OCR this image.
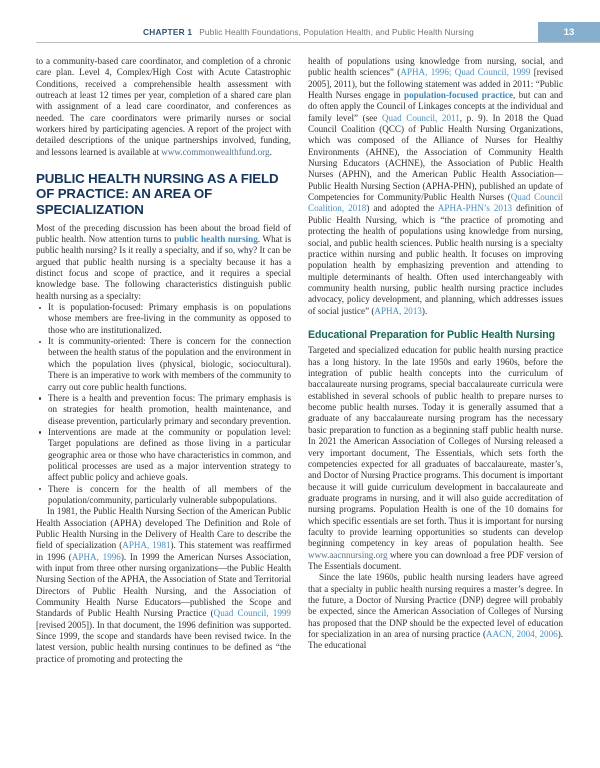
CHAPTER 1 Public Health Foundations, Population Health, and Public Health Nursing	13

to a community-based care coordinator, and completion of a chronic care plan. Level 4, Complex/High Cost with Acute Catastrophic Conditions, received a comprehensible health assessment with outreach at least 12 times per year, completion of a shared care plan with assignment of a lead care coordinator, and conferences as needed. The care coordinators were primarily nurses or social workers hired by participating agencies. A report of the project with detailed descriptions of the unique partnerships involved, funding, and lessons learned is available at www.commonwealthfund.org.

PUBLIC HEALTH NURSING AS A FIELD OF PRACTICE: AN AREA OF SPECIALIZATION

Most of the preceding discussion has been about the broad field of public health. Now attention turns to public health nursing. What is public health nursing? Is it really a specialty, and if so, why? It can be argued that public health nursing is a specialty because it has a distinct focus and scope of practice, and it requires a special knowledge base. The following characteristics distinguish public health nursing as a specialty:

It is population-focused: Primary emphasis is on populations whose members are free-living in the community as opposed to those who are institutionalized.
It is community-oriented: There is concern for the connection between the health status of the population and the environment in which the population lives (physical, biologic, sociocultural). There is an imperative to work with members of the community to carry out core public health functions.
There is a health and prevention focus: The primary emphasis is on strategies for health promotion, health maintenance, and disease prevention, particularly primary and secondary prevention.
Interventions are made at the community or population level: Target populations are defined as those living in a particular geographic area or those who have characteristics in common, and political processes are used as a major intervention strategy to affect public policy and achieve goals.
There is concern for the health of all members of the population/community, particularly vulnerable subpopulations.

In 1981, the Public Health Nursing Section of the American Public Health Association (APHA) developed The Definition and Role of Public Health Nursing in the Delivery of Health Care to describe the field of specialization (APHA, 1981). This statement was reaffirmed in 1996 (APHA, 1996). In 1999 the American Nurses Association, with input from three other nursing organizations—the Public Health Nursing Section of the APHA, the Association of State and Territorial Directors of Public Health Nursing, and the Association of Community Health Nurse Educators—published the Scope and Standards of Public Health Nursing Practice (Quad Council, 1999 [revised 2005]). In that document, the 1996 definition was supported. Since 1999, the scope and standards have been revised twice. In the latest version, public health nursing continues to be defined as “the practice of promoting and protecting the

health of populations using knowledge from nursing, social, and public health sciences” (APHA, 1996; Quad Council, 1999 [revised 2005], 2011), but the following statement was added in 2011: “Public Health Nurses engage in population-focused practice, but can and do often apply the Council of Linkages concepts at the individual and family level” (see Quad Council, 2011, p. 9). In 2018 the Quad Council Coalition (QCC) of Public Health Nursing Organizations, which was composed of the Alliance of Nurses for Healthy Environments (AHNE), the Association of Community Health Nursing Educators (ACHNE), the Association of Public Health Nurses (APHN), and the American Public Health Association—Public Health Nursing Section (APHA-PHN), published an update of Competencies for Community/Public Health Nurses (Quad Council Coalition, 2018) and adopted the APHA-PHN’s 2013 definition of Public Health Nursing, which is “the practice of promoting and protecting the health of populations using knowledge from nursing, social, and public health sciences. Public health nursing is a specialty practice within nursing and public health. It focuses on improving population health by emphasizing prevention and attending to multiple determinants of health. Often used interchangeably with community health nursing, public health nursing practice includes advocacy, policy development, and planning, which addresses issues of social justice” (APHA, 2013).

Educational Preparation for Public Health Nursing

Targeted and specialized education for public health nursing practice has a long history. In the late 1950s and early 1960s, before the integration of public health concepts into the curriculum of baccalaureate nursing programs, special baccalaureate curricula were established in several schools of public health to prepare nurses to become public health nurses. Today it is generally assumed that a graduate of any baccalaureate nursing program has the necessary basic preparation to function as a beginning staff public health nurse. In 2021 the American Association of Colleges of Nursing released a very important document, The Essentials, which sets forth the competencies expected for all graduates of baccalaureate, master’s, and Doctor of Nursing Practice programs. This document is important because it will guide curriculum development in baccalaureate and graduate programs in nursing, and it will also guide accreditation of nursing programs. Population Health is one of the 10 domains for which specific essentials are set forth. Thus it is important for nursing faculty to provide learning opportunities so students can develop beginning competency in key areas of population health. See www.aacnnursing.org where you can download a free PDF version of The Essentials document.

Since the late 1960s, public health nursing leaders have agreed that a specialty in public health nursing requires a master’s degree. In the future, a Doctor of Nursing Practice (DNP) degree will probably be expected, since the American Association of Colleges of Nursing has proposed that the DNP should be the expected level of education for specialization in an area of nursing practice (AACN, 2004, 2006). The educational
